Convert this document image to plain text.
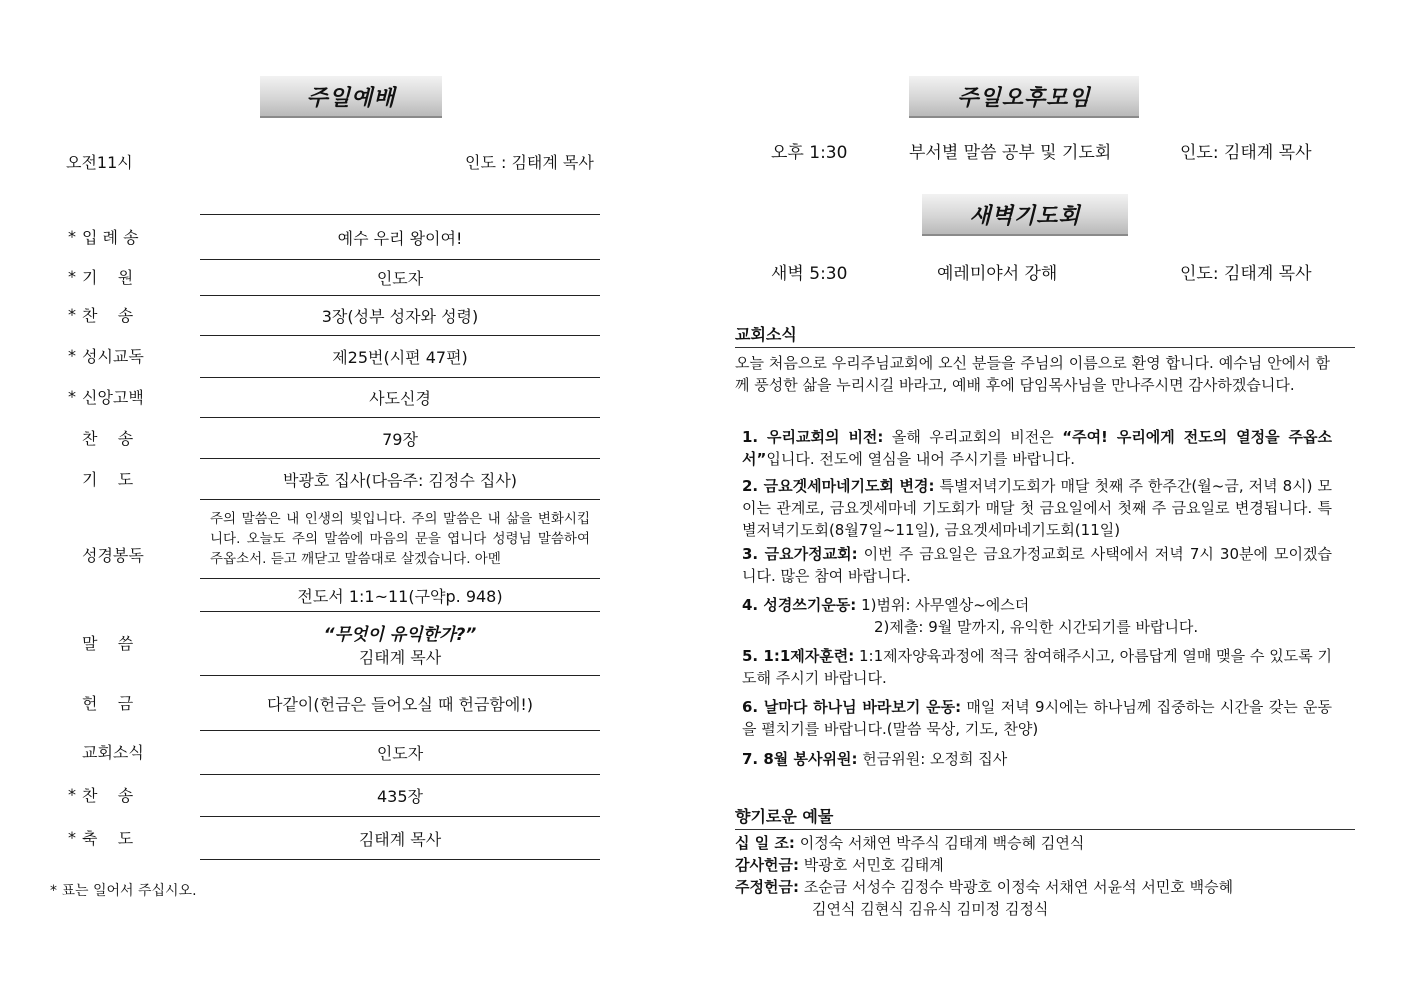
주일예배
오전11시	인도 : 김태계 목사
* 입 례 송	예수 우리 왕이여!
* 기    원	인도자
* 찬    송	3장(성부 성자와 성령)
* 성시교독	제25번(시편 47편)
* 신앙고백	사도신경
찬    송	79장
기    도	박광호 집사(다음주: 김정수 집사)
성경봉독
주의 말씀은 내 인생의 빛입니다. 주의 말씀은 내 삶을 변화시킵니다. 오늘도 주의 말씀에 마음의 문을 엽니다 성령님 말씀하여 주옵소서. 듣고 깨닫고 말씀대로 살겠습니다. 아멘
전도서 1:1~11(구약p. 948)
말    씀	“무엇이 유익한가?”
김태계 목사
헌    금	다같이(헌금은 들어오실 때 헌금함에!)
교회소식	인도자
* 찬    송	435장
* 축    도	김태계 목사
* 표는 일어서 주십시오.
주일오후모임
오후 1:30	부서별 말씀 공부 및 기도회	인도: 김태계 목사
새벽기도회
새벽 5:30	예레미야서 강해	인도: 김태계 목사
교회소식
오늘 처음으로 우리주님교회에 오신 분들을 주님의 이름으로 환영 합니다. 예수님 안에서 함께 풍성한 삶을 누리시길 바라고, 예배 후에 담임목사님을 만나주시면 감사하겠습니다.
1. 우리교회의 비전: 올해 우리교회의 비전은 “주여! 우리에게 전도의 열정을 주옵소서”입니다. 전도에 열심을 내어 주시기를 바랍니다.
2. 금요겟세마네기도회 변경: 특별저녁기도회가 매달 첫째 주 한주간(월~금, 저녁 8시) 모이는 관계로, 금요겟세마네 기도회가 매달 첫 금요일에서 첫째 주 금요일로 변경됩니다. 특별저녁기도회(8월7일~11일), 금요겟세마네기도회(11일)
3. 금요가정교회: 이번 주 금요일은 금요가정교회로 사택에서 저녁 7시 30분에 모이겠습니다. 많은 참여 바랍니다.
4. 성경쓰기운동: 1)범위: 사무엘상~에스더
2)제출: 9월 말까지, 유익한 시간되기를 바랍니다.
5. 1:1제자훈련: 1:1제자양육과정에 적극 참여해주시고, 아름답게 열매 맺을 수 있도록 기도해 주시기 바랍니다.
6. 날마다 하나님 바라보기 운동: 매일 저녁 9시에는 하나님께 집중하는 시간을 갖는 운동을 펼치기를 바랍니다.(말씀 묵상, 기도, 찬양)
7. 8월 봉사위원: 헌금위원: 오정희 집사
향기로운 예물
십 일 조: 이정숙 서채연 박주식 김태계 백승혜 김연식
감사헌금: 박광호 서민호 김태계
주정헌금: 조순금 서성수 김정수 박광호 이정숙 서채연 서윤석 서민호 백승혜
김연식 김현식 김유식 김미정 김정식
